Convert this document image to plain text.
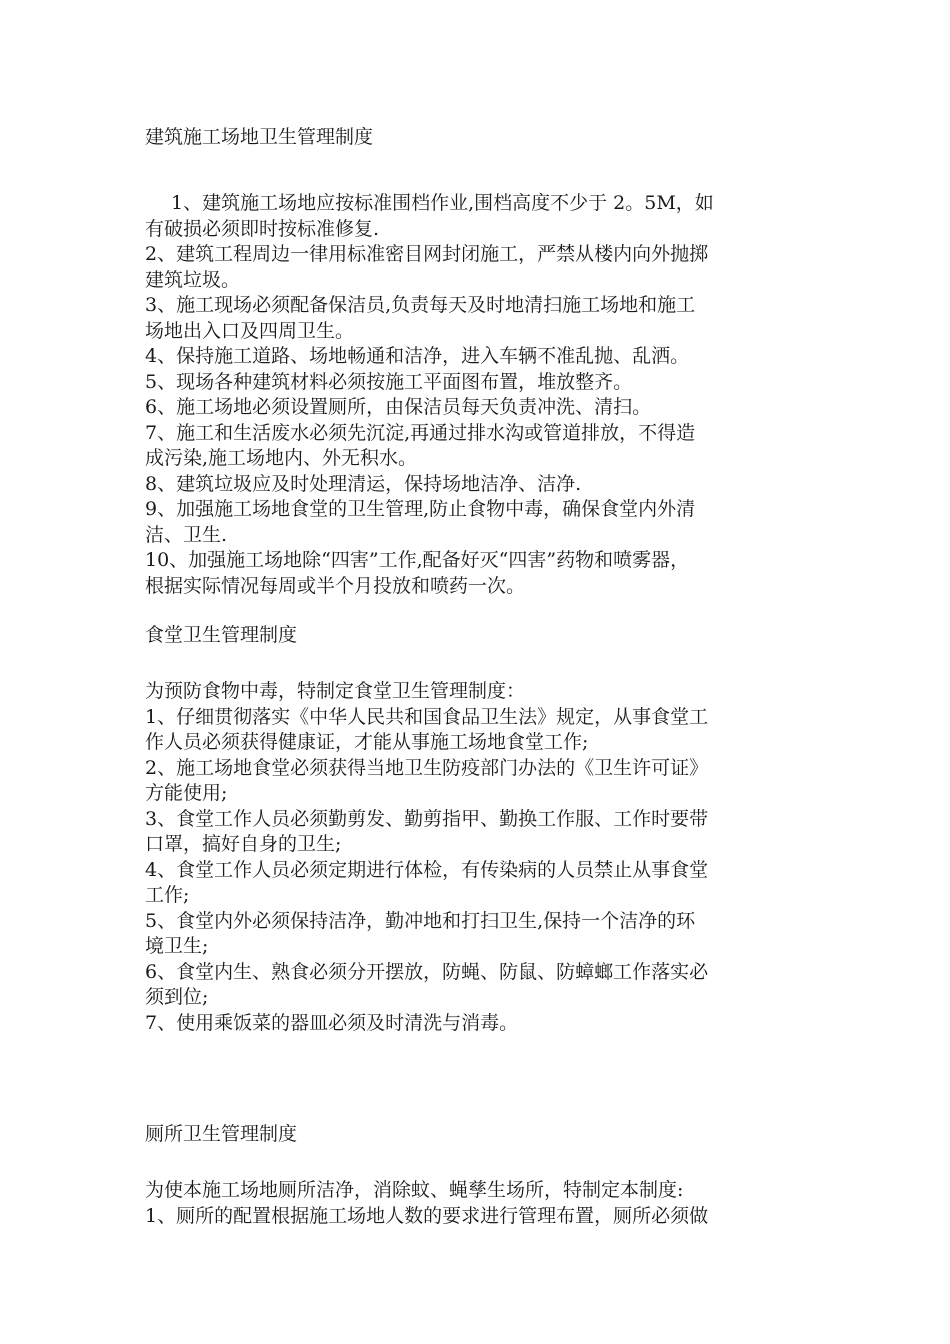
建筑施工场地卫生管理制度

1、建筑施工场地应按标准围档作业,围档高度不少于 2。5M，如

有破损必须即时按标准修复.

2、建筑工程周边一律用标准密目网封闭施工，严禁从楼内向外抛掷

建筑垃圾。

3、施工现场必须配备保洁员,负责每天及时地清扫施工场地和施工

场地出入口及四周卫生。

4、保持施工道路、场地畅通和洁净，进入车辆不准乱抛、乱洒。

5、现场各种建筑材料必须按施工平面图布置，堆放整齐。

6、施工场地必须设置厕所，由保洁员每天负责冲洗、清扫。

7、施工和生活废水必须先沉淀,再通过排水沟或管道排放，不得造

成污染,施工场地内、外无积水。

8、建筑垃圾应及时处理清运，保持场地洁净、洁净.

9、加强施工场地食堂的卫生管理,防止食物中毒，确保食堂内外清

洁、卫生.

10、加强施工场地除“四害”工作,配备好灭“四害”药物和喷雾器，

根据实际情况每周或半个月投放和喷药一次。

食堂卫生管理制度

为预防食物中毒，特制定食堂卫生管理制度：

1、仔细贯彻落实《中华人民共和国食品卫生法》规定，从事食堂工

作人员必须获得健康证，才能从事施工场地食堂工作;

2、施工场地食堂必须获得当地卫生防疫部门办法的《卫生许可证》

方能使用;

3、食堂工作人员必须勤剪发、勤剪指甲、勤换工作服、工作时要带

口罩，搞好自身的卫生;

4、食堂工作人员必须定期进行体检，有传染病的人员禁止从事食堂

工作;

5、食堂内外必须保持洁净，勤冲地和打扫卫生,保持一个洁净的环

境卫生;

6、食堂内生、熟食必须分开摆放，防蝇、防鼠、防蟑螂工作落实必

须到位;

7、使用乘饭菜的器皿必须及时清洗与消毒。

厕所卫生管理制度

为使本施工场地厕所洁净，消除蚊、蝇孳生场所，特制定本制度:

1、厕所的配置根据施工场地人数的要求进行管理布置，厕所必须做
